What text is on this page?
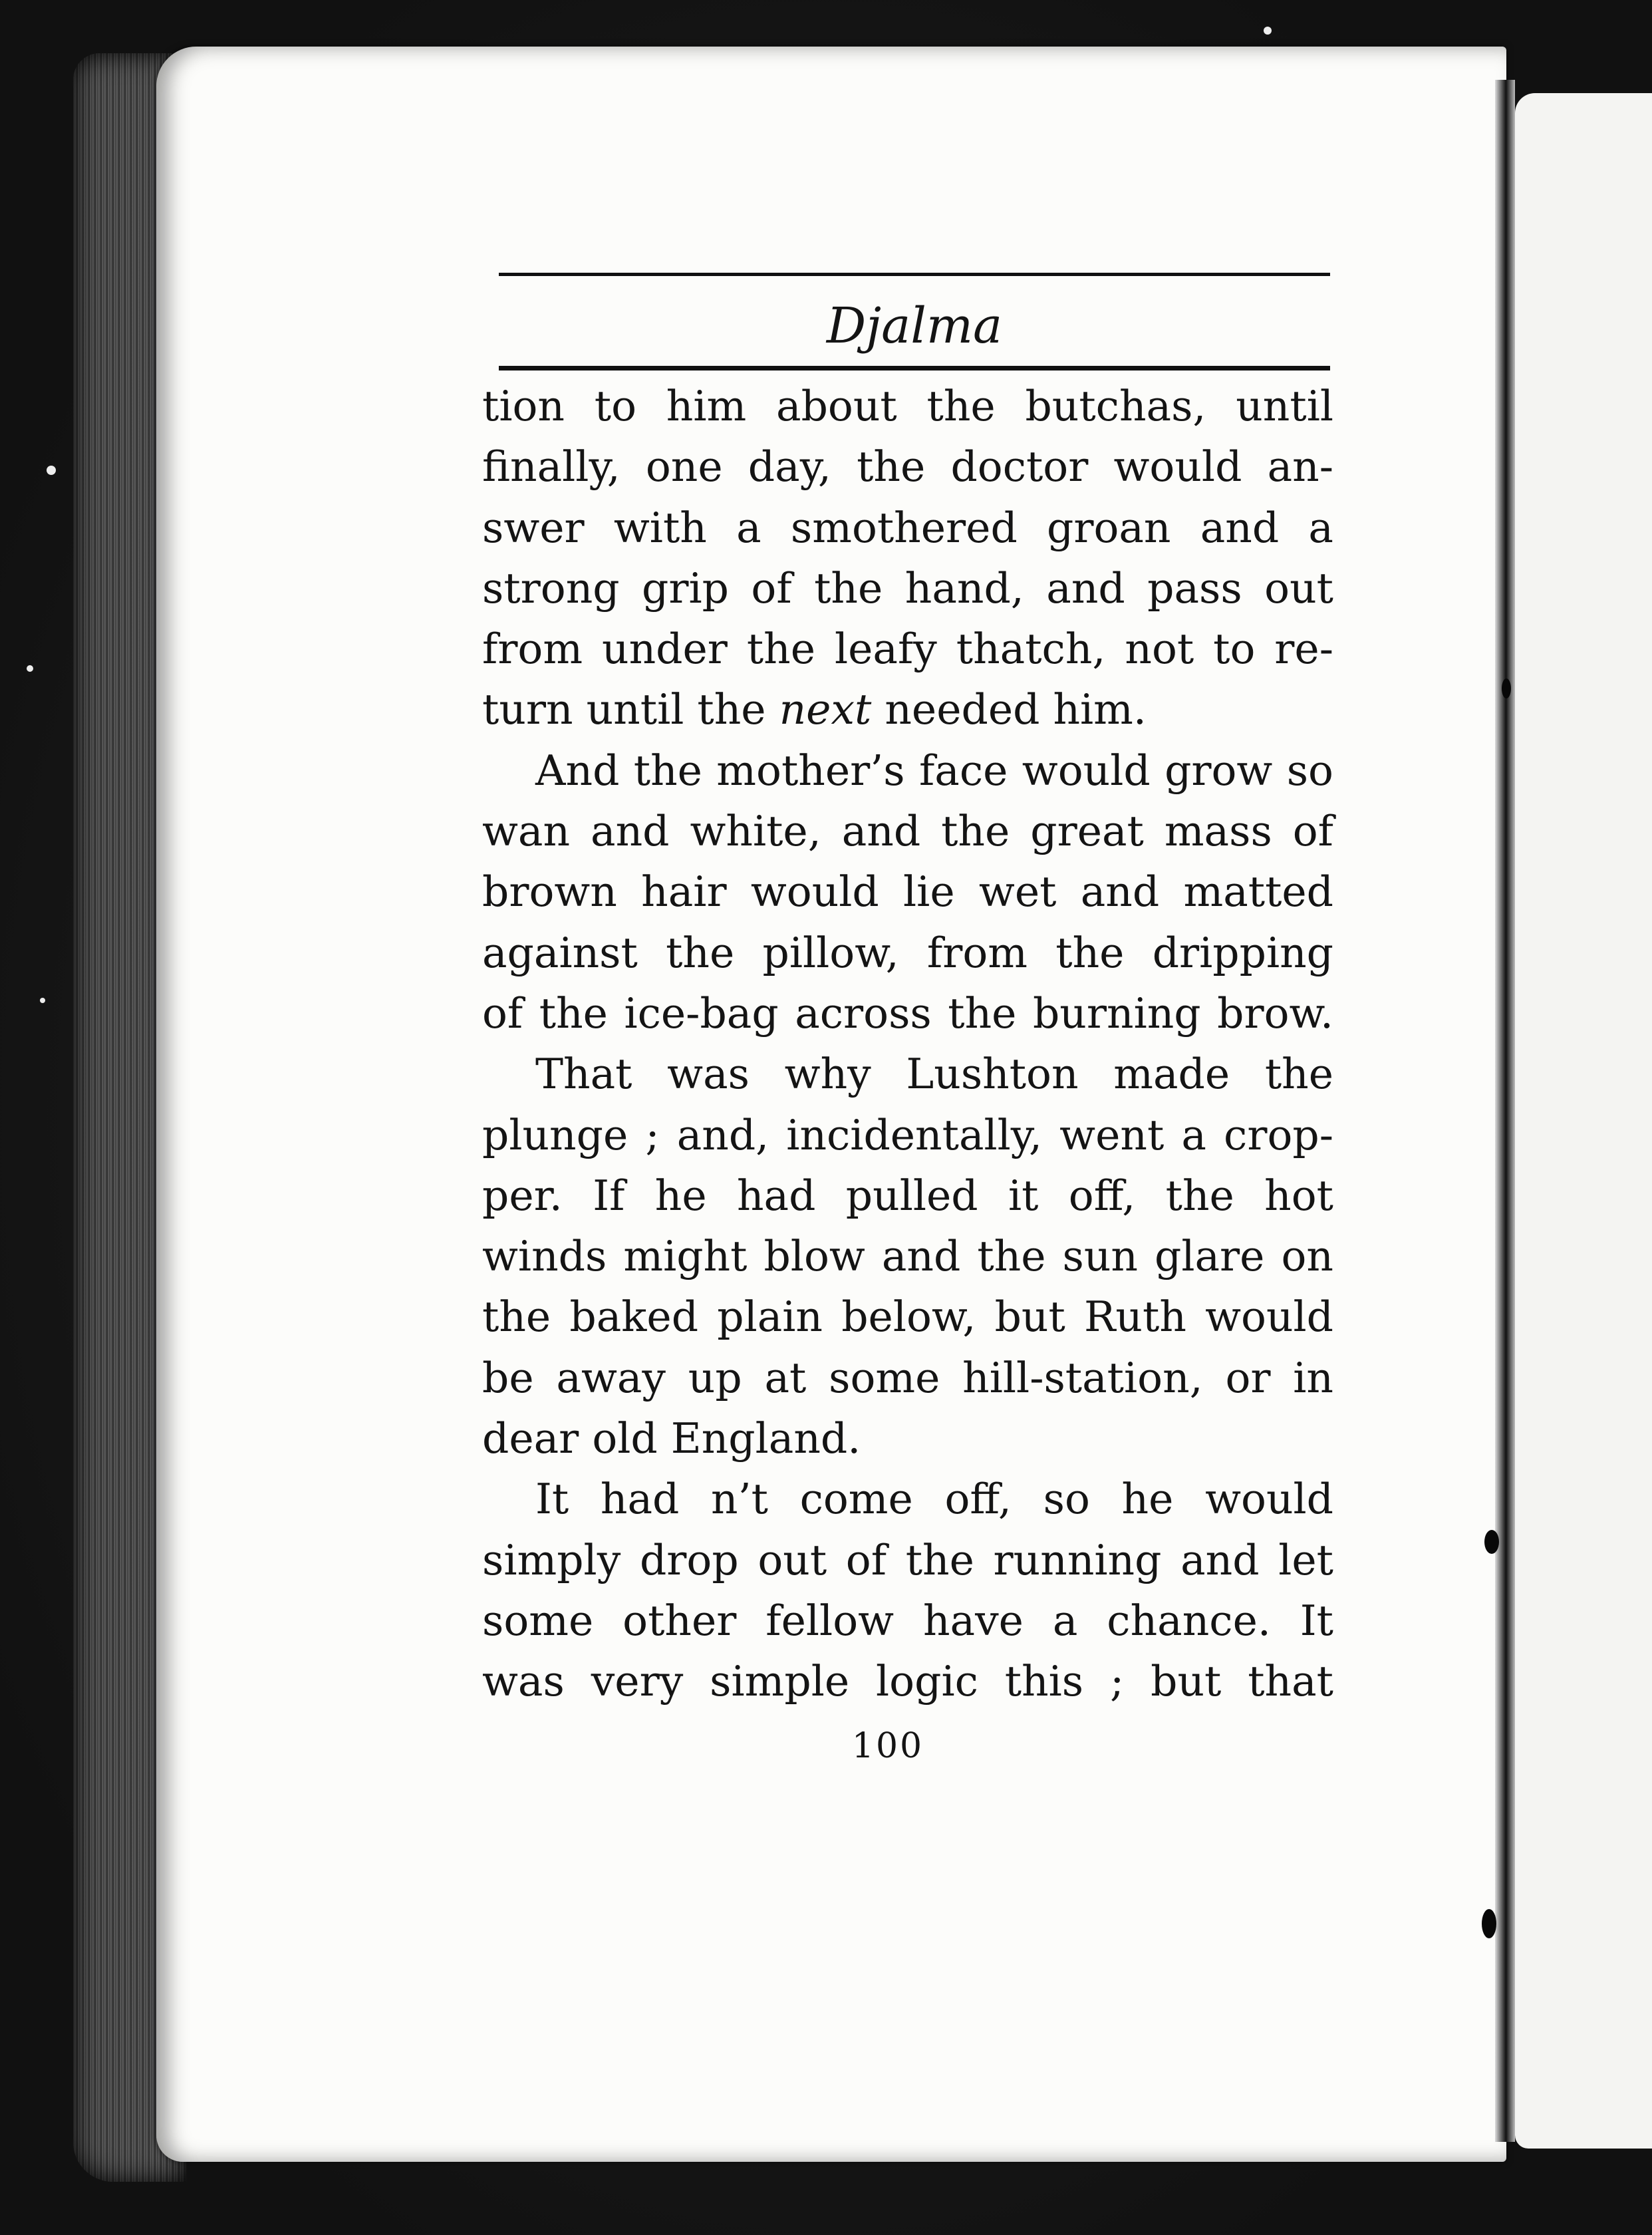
Djalma
tion to him about the butchas, until
finally, one day, the doctor would an-
swer with a smothered groan and a
strong grip of the hand, and pass out
from under the leafy thatch, not to re-
turn until the next needed him.
And the mother’s face would grow so
wan and white, and the great mass of
brown hair would lie wet and matted
against the pillow, from the dripping
of the ice-bag across the burning brow.
That was why Lushton made the
plunge ; and, incidentally, went a crop-
per. If he had pulled it off, the hot
winds might blow and the sun glare on
the baked plain below, but Ruth would
be away up at some hill-station, or in
dear old England.
It had n’t come off, so he would
simply drop out of the running and let
some other fellow have a chance. It
was very simple logic this ; but that
100
